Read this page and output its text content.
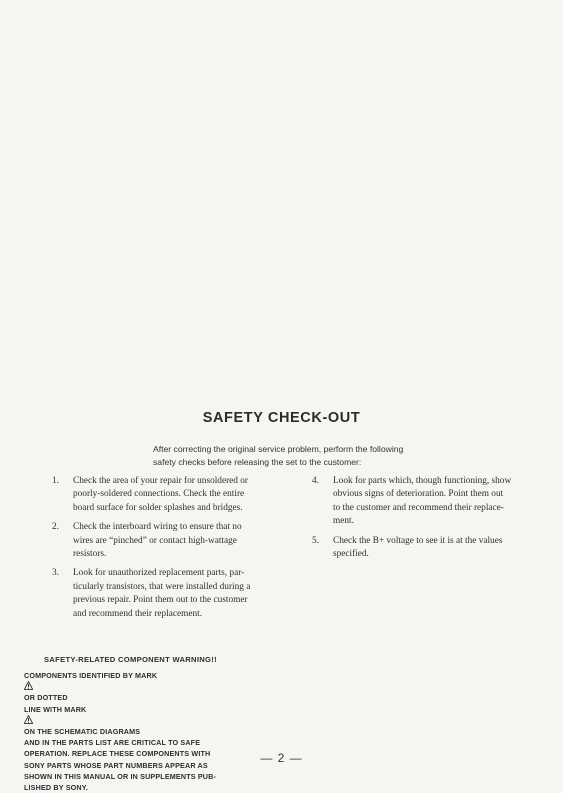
SAFETY CHECK-OUT
After correcting the original service problem, perform the following
safety checks before releasing the set to the customer:
1. Check the area of your repair for unsoldered or
poorly-soldered connections. Check the entire
board surface for solder splashes and bridges.
2. Check the interboard wiring to ensure that no
wires are “pinched” or contact high-wattage
resistors.
3. Look for unauthorized replacement parts, par-
ticularly transistors, that were installed during a
previous repair. Point them out to the customer
and recommend their replacement.
4. Look for parts which, though functioning, show
obvious signs of deterioration. Point them out
to the customer and recommend their replace-
ment.
5. Check the B+ voltage to see it is at the values
specified.
SAFETY-RELATED COMPONENT WARNING!!
COMPONENTS IDENTIFIED BY MARK
OR DOTTED
LINE WITH MARK
ON THE SCHEMATIC DIAGRAMS
AND IN THE PARTS LIST ARE CRITICAL TO SAFE
OPERATION. REPLACE THESE COMPONENTS WITH
SONY PARTS WHOSE PART NUMBERS APPEAR AS
SHOWN IN THIS MANUAL OR IN SUPPLEMENTS PUB-
LISHED BY SONY.
— 2 —
